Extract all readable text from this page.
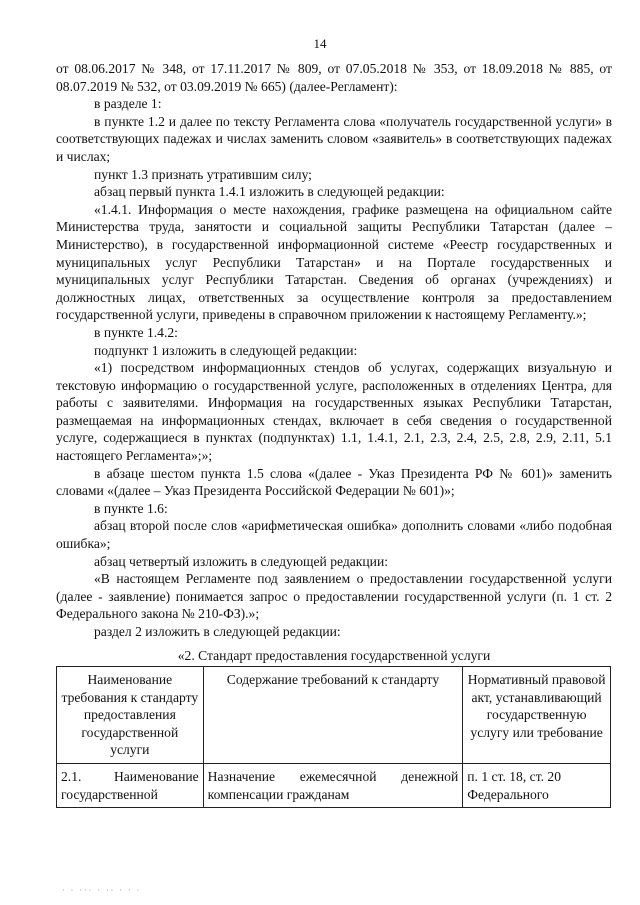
14

от 08.06.2017 № 348, от 17.11.2017 № 809, от 07.05.2018 № 353, от 18.09.2018 № 885, от 08.07.2019 № 532, от 03.09.2019 № 665) (далее-Регламент):

в разделе 1:

в пункте 1.2 и далее по тексту Регламента слова «получатель государственной услуги» в соответствующих падежах и числах заменить словом «заявитель» в соответствующих падежах и числах;

пункт 1.3 признать утратившим силу;

абзац первый пункта 1.4.1 изложить в следующей редакции:

«1.4.1. Информация о месте нахождения, графике размещена на официальном сайте Министерства труда, занятости и социальной защиты Республики Татарстан (далее – Министерство), в государственной информационной системе «Реестр государственных и муниципальных услуг Республики Татарстан» и на Портале государственных и муниципальных услуг Республики Татарстан. Сведения об органах (учреждениях) и должностных лицах, ответственных за осуществление контроля за предоставлением государственной услуги, приведены в справочном приложении к настоящему Регламенту.»;

в пункте 1.4.2:

подпункт 1 изложить в следующей редакции:

«1) посредством информационных стендов об услугах, содержащих визуальную и текстовую информацию о государственной услуге, расположенных в отделениях Центра, для работы с заявителями. Информация на государственных языках Республики Татарстан, размещаемая на информационных стендах, включает в себя сведения о государственной услуге, содержащиеся в пунктах (подпунктах) 1.1, 1.4.1, 2.1, 2.3, 2.4, 2.5, 2.8, 2.9, 2.11, 5.1 настоящего Регламента»;»;

в абзаце шестом пункта 1.5 слова «(далее - Указ Президента РФ № 601)» заменить словами «(далее – Указ Президента Российской Федерации № 601)»;

в пункте 1.6:

абзац второй после слов «арифметическая ошибка» дополнить словами «либо подобная ошибка»;

абзац четвертый изложить в следующей редакции:

«В настоящем Регламенте под заявлением о предоставлении государственной услуги (далее - заявление) понимается запрос о предоставлении государственной услуги (п. 1 ст. 2 Федерального закона № 210-ФЗ).»;

раздел 2 изложить в следующей редакции:

«2. Стандарт предоставления государственной услуги
Наименование требования к стандарту предоставления государственной услуги	Содержание требований к стандарту	Нормативный правовой акт, устанавливающий государственную услугу или требование
2.1. Наименование государственной	Назначение ежемесячной денежной компенсации гражданам	п. 1 ст. 18, ст. 20 Федерального
· · ··· · ·· · · ·
